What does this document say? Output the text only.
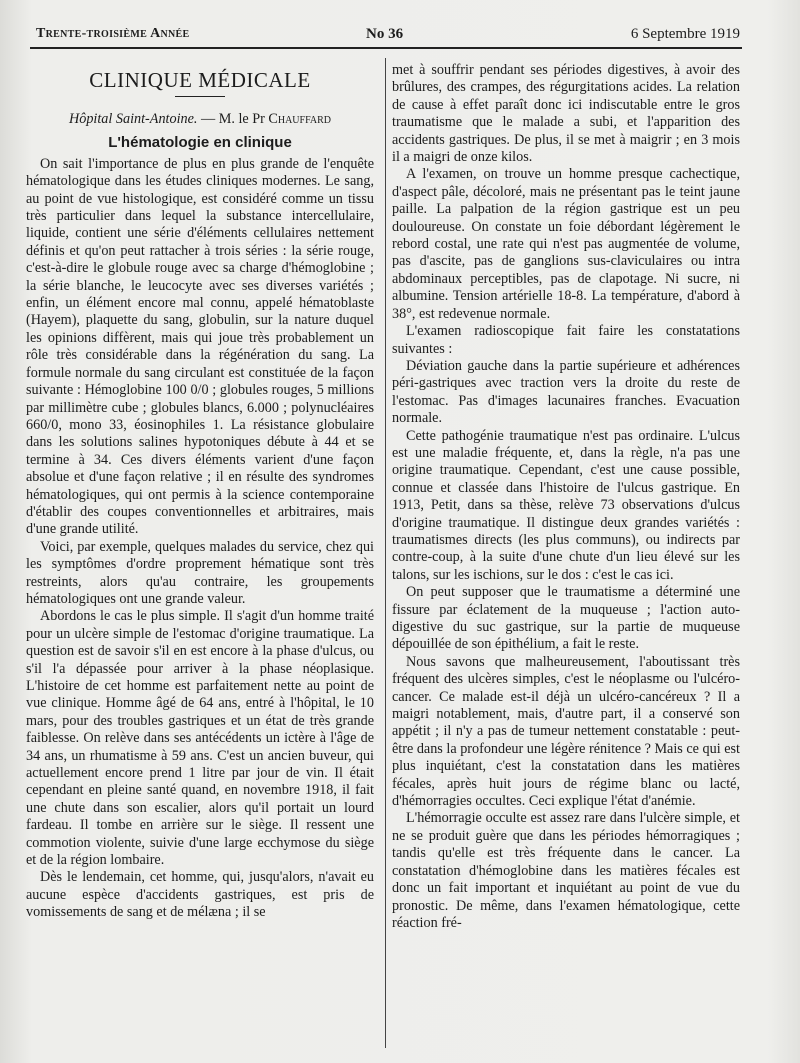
Trente-troisième Année	No 36	6 Septembre 1919
CLINIQUE MÉDICALE
Hôpital Saint-Antoine. — M. le Pr Chauffard
L'hématologie en clinique

On sait l'importance de plus en plus grande de l'enquête hématologique dans les études cliniques modernes. Le sang, au point de vue histologique, est considéré comme un tissu très particulier dans lequel la substance intercellulaire, liquide, contient une série d'éléments cellulaires nettement définis et qu'on peut rattacher à trois séries : la série rouge, c'est-à-dire le globule rouge avec sa charge d'hémoglobine ; la série blanche, le leucocyte avec ses diverses variétés ; enfin, un élément encore mal connu, appelé hématoblaste (Hayem), plaquette du sang, globulin, sur la nature duquel les opinions diffèrent, mais qui joue très probablement un rôle très considérable dans la régénération du sang. La formule normale du sang circulant est constituée de la façon suivante : Hémoglobine 100 0/0 ; globules rouges, 5 millions par millimètre cube ; globules blancs, 6.000 ; polynucléaires 660/0, mono 33, éosinophiles 1. La résistance globulaire dans les solutions salines hypotoniques débute à 44 et se termine à 34. Ces divers éléments varient d'une façon absolue et d'une façon relative ; il en résulte des syndromes hématologiques, qui ont permis à la science contemporaine d'établir des coupes conventionnelles et arbitraires, mais d'une grande utilité.

Voici, par exemple, quelques malades du service, chez qui les symptômes d'ordre proprement hématique sont très restreints, alors qu'au contraire, les groupements hématologiques ont une grande valeur.

Abordons le cas le plus simple. Il s'agit d'un homme traité pour un ulcère simple de l'estomac d'origine traumatique. La question est de savoir s'il en est encore à la phase d'ulcus, ou s'il l'a dépassée pour arriver à la phase néoplasique. L'histoire de cet homme est parfaitement nette au point de vue clinique. Homme âgé de 64 ans, entré à l'hôpital, le 10 mars, pour des troubles gastriques et un état de très grande faiblesse. On relève dans ses antécédents un ictère à l'âge de 34 ans, un rhumatisme à 59 ans. C'est un ancien buveur, qui actuellement encore prend 1 litre par jour de vin. Il était cependant en pleine santé quand, en novembre 1918, il fait une chute dans son escalier, alors qu'il portait un lourd fardeau. Il tombe en arrière sur le siège. Il ressent une commotion violente, suivie d'une large ecchymose du siège et de la région lombaire.

Dès le lendemain, cet homme, qui, jusqu'alors, n'avait eu aucune espèce d'accidents gastriques, est pris de vomissements de sang et de mélæna ; il se

met à souffrir pendant ses périodes digestives, à avoir des brûlures, des crampes, des régurgitations acides. La relation de cause à effet paraît donc ici indiscutable entre le gros traumatisme que le malade a subi, et l'apparition des accidents gastriques. De plus, il se met à maigrir ; en 3 mois il a maigri de onze kilos.

A l'examen, on trouve un homme presque cachectique, d'aspect pâle, décoloré, mais ne présentant pas le teint jaune paille. La palpation de la région gastrique est un peu douloureuse. On constate un foie débordant légèrement le rebord costal, une rate qui n'est pas augmentée de volume, pas d'ascite, pas de ganglions sus-claviculaires ou intra abdominaux perceptibles, pas de clapotage. Ni sucre, ni albumine. Tension artérielle 18-8. La température, d'abord à 38°, est redevenue normale.

L'examen radioscopique fait faire les constatations suivantes :

Déviation gauche dans la partie supérieure et adhérences péri-gastriques avec traction vers la droite du reste de l'estomac. Pas d'images lacunaires franches. Evacuation normale.

Cette pathogénie traumatique n'est pas ordinaire. L'ulcus est une maladie fréquente, et, dans la règle, n'a pas une origine traumatique. Cependant, c'est une cause possible, connue et classée dans l'histoire de l'ulcus gastrique. En 1913, Petit, dans sa thèse, relève 73 observations d'ulcus d'origine traumatique. Il distingue deux grandes variétés : traumatismes directs (les plus communs), ou indirects par contre-coup, à la suite d'une chute d'un lieu élevé sur les talons, sur les ischions, sur le dos : c'est le cas ici.

On peut supposer que le traumatisme a déterminé une fissure par éclatement de la muqueuse ; l'action auto-digestive du suc gastrique, sur la partie de muqueuse dépouillée de son épithélium, a fait le reste.

Nous savons que malheureusement, l'aboutissant très fréquent des ulcères simples, c'est le néoplasme ou l'ulcéro-cancer. Ce malade est-il déjà un ulcéro-cancéreux ? Il a maigri notablement, mais, d'autre part, il a conservé son appétit ; il n'y a pas de tumeur nettement constatable : peut-être dans la profondeur une légère rénitence ? Mais ce qui est plus inquiétant, c'est la constatation dans les matières fécales, après huit jours de régime blanc ou lacté, d'hémorragies occultes. Ceci explique l'état d'anémie.

L'hémorragie occulte est assez rare dans l'ulcère simple, et ne se produit guère que dans les périodes hémorragiques ; tandis qu'elle est très fréquente dans le cancer. La constatation d'hémoglobine dans les matières fécales est donc un fait important et inquiétant au point de vue du pronostic. De même, dans l'examen hématologique, cette réaction fré-
